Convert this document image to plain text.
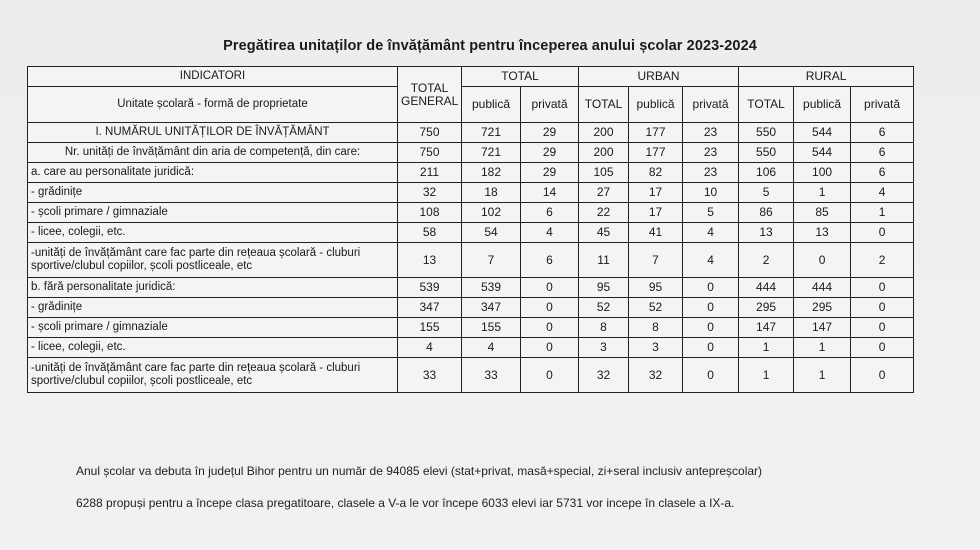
Pregătirea unitaților de învățământ pentru începerea anului școlar 2023-2024
INDICATORI	TOTAL GENERAL	TOTAL		URBAN			RURAL		
Unitate școlară - formă de proprietate		publică	privată	TOTAL	publică	privată	TOTAL	publică	privată
I. NUMĂRUL UNITĂȚILOR DE ÎNVĂȚĂMÂNT	750	721	29	200	177	23	550	544	6
Nr. unități de învățământ din aria de competență, din care:	750	721	29	200	177	23	550	544	6
a. care au personalitate juridică:	211	182	29	105	82	23	106	100	6
- grădinițe	32	18	14	27	17	10	5	1	4
- școli primare / gimnaziale	108	102	6	22	17	5	86	85	1
- licee, colegii, etc.	58	54	4	45	41	4	13	13	0
-unități de învățământ care fac parte din rețeaua școlară - cluburi sportive/clubul copiilor, școli postliceale, etc	13	7	6	11	7	4	2	0	2
b. fără personalitate juridică:	539	539	0	95	95	0	444	444	0
- grădinițe	347	347	0	52	52	0	295	295	0
- școli primare / gimnaziale	155	155	0	8	8	0	147	147	0
- licee, colegii, etc.	4	4	0	3	3	0	1	1	0
-unități de învățământ care fac parte din rețeaua școlară - cluburi sportive/clubul copiilor, școli postliceale, etc	33	33	0	32	32	0	1	1	0
Anul școlar va debuta în județul Bihor pentru un număr de 94085 elevi (stat+privat, masă+special, zi+seral inclusiv antepreșcolar)
6288 propuși pentru a începe clasa pregatitoare, clasele a V-a le vor începe 6033 elevi iar 5731 vor incepe în clasele a IX-a.
